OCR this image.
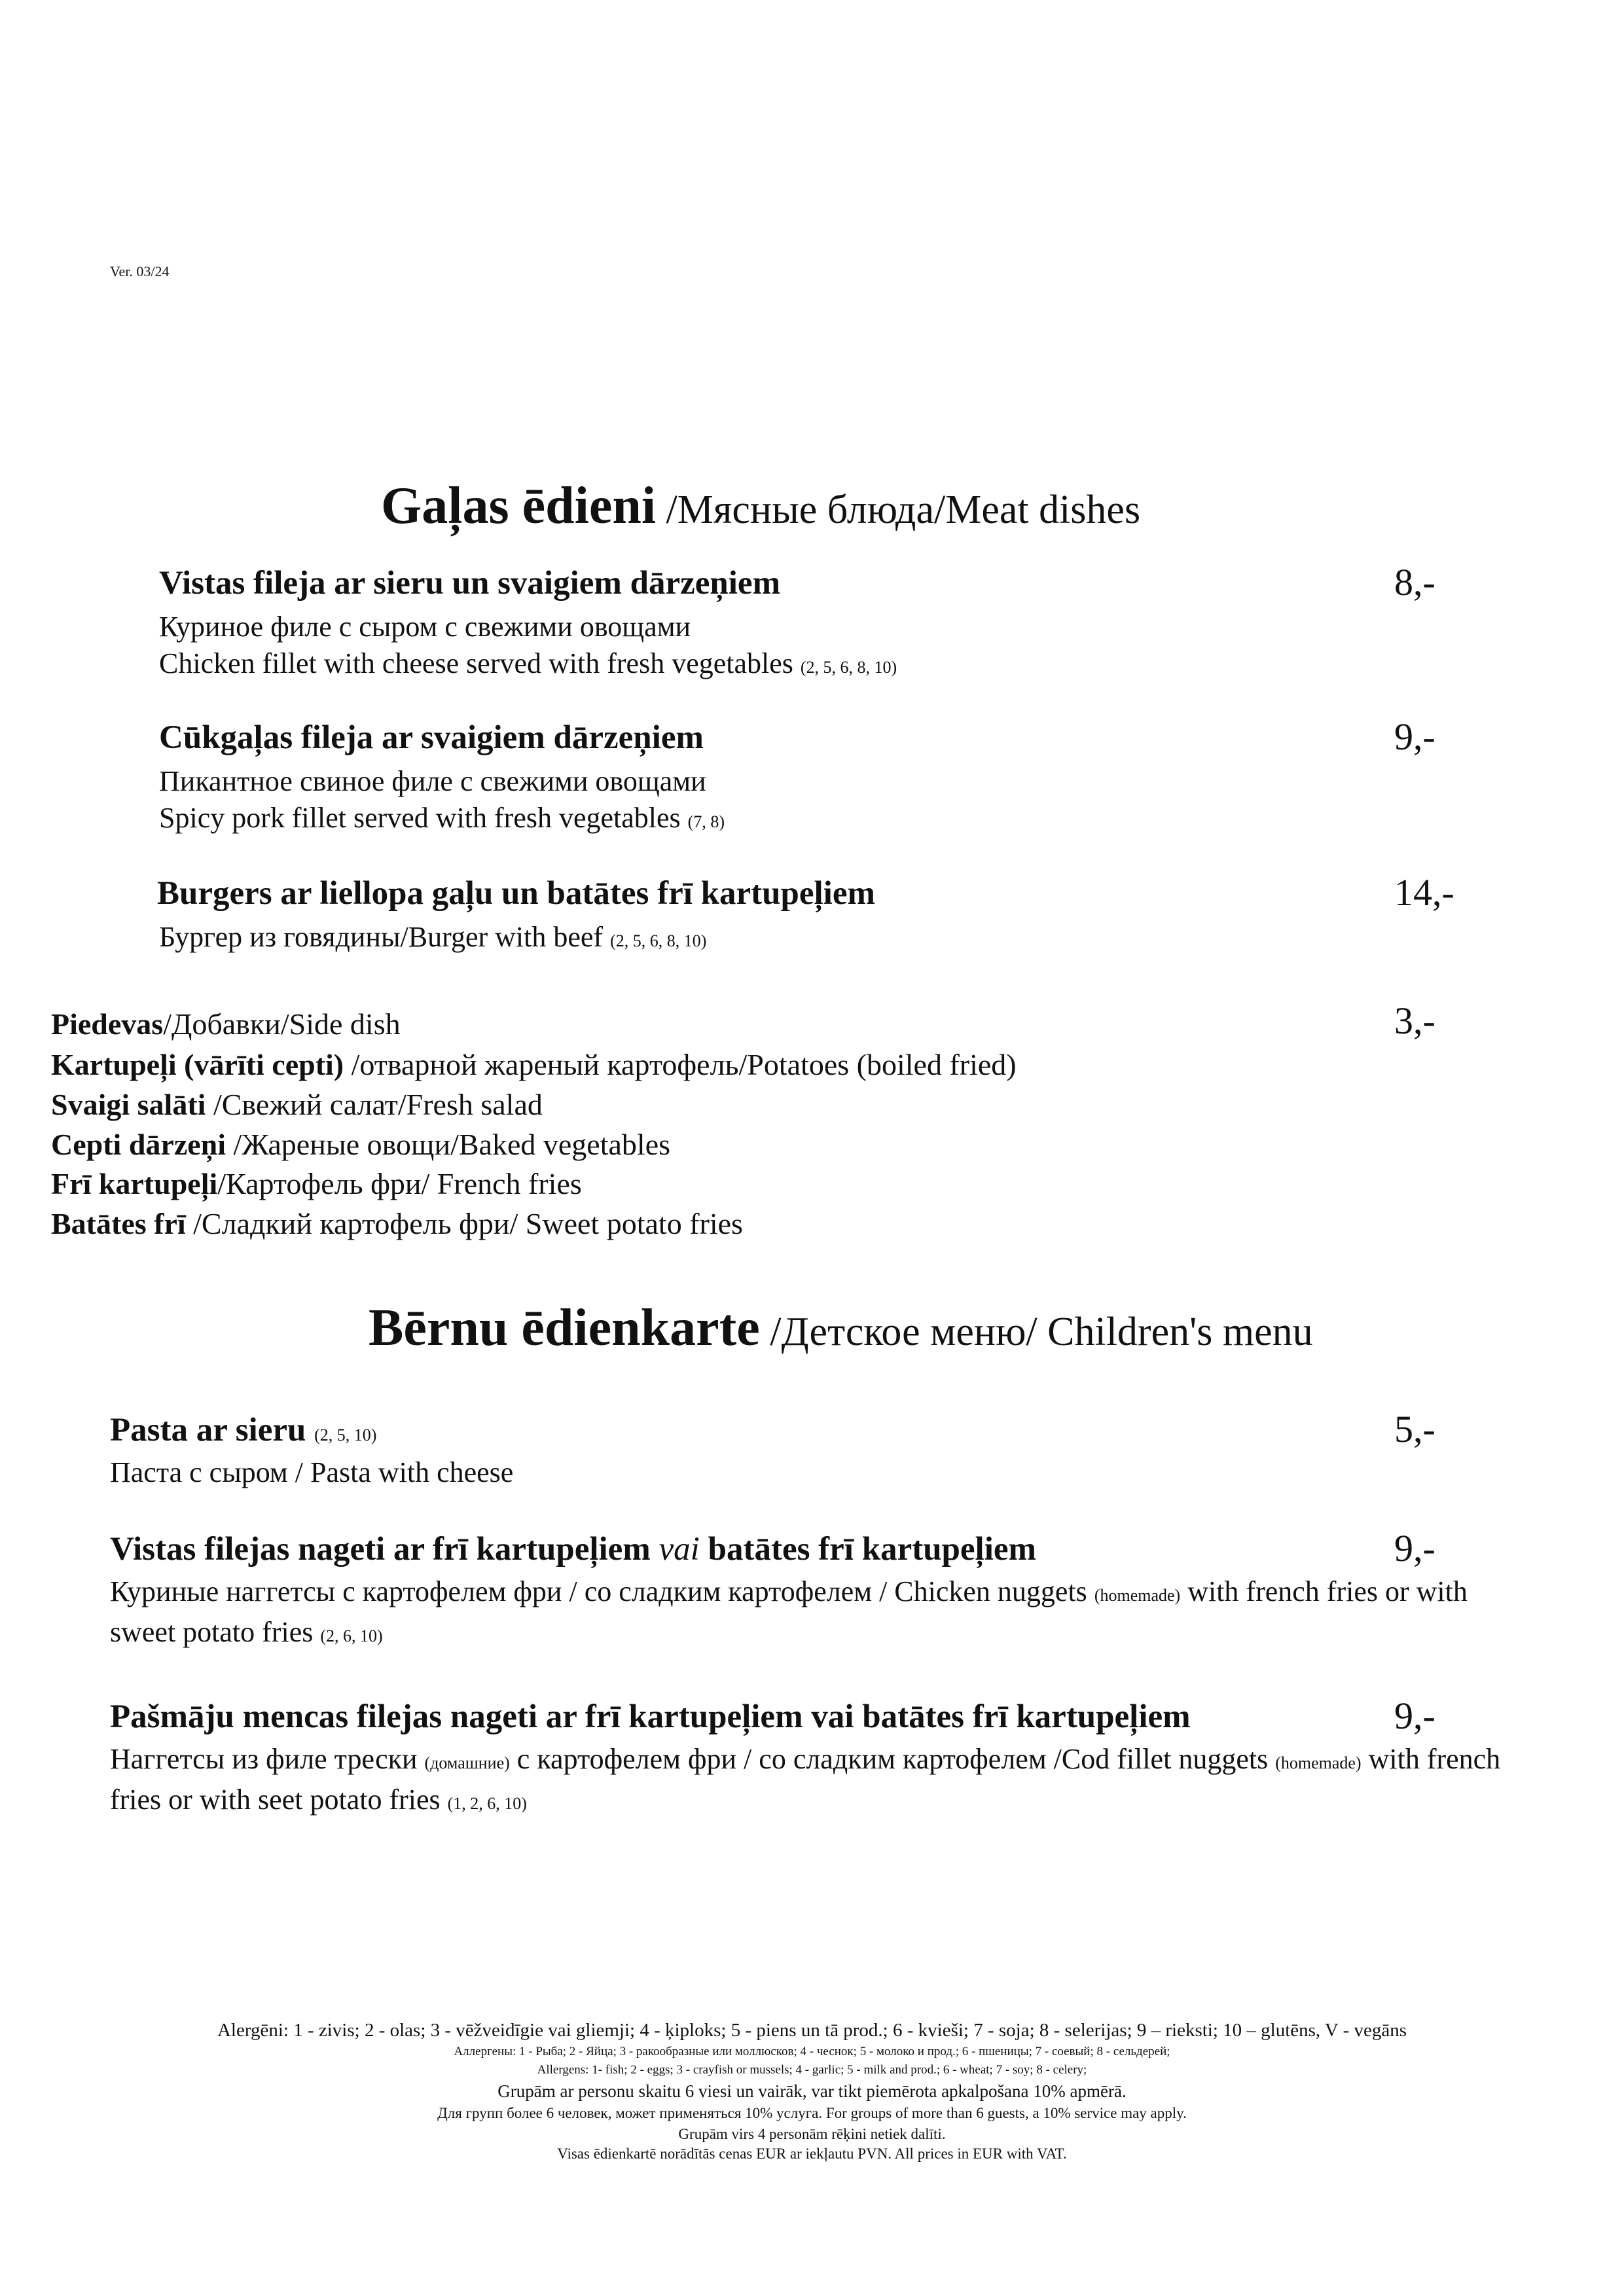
Ver. 03/24
Gaļas ēdieni /Мясные блюда/Meat dishes
Vistas fileja ar sieru un svaigiem dārzeņiem	8,-
Куриное филе с сыром с свежими овощами
Chicken fillet with cheese served with fresh vegetables (2, 5, 6, 8, 10)
Cūkgaļas fileja ar svaigiem dārzeņiem	9,-
Пикантное свиное филе с свежими овощами
Spicy pork fillet served with fresh vegetables (7, 8)
Burgers ar liellopa gaļu un batātes frī kartupeļiem	14,-
Бургер из говядины/Burger with beef (2, 5, 6, 8, 10)
Piedevas/Добавки/Side dish	3,-
Kartupeļi (vārīti cepti) /отварной жареный картофель/Potatoes (boiled fried)
Svaigi salāti /Свежий салат/Fresh salad
Cepti dārzeņi /Жареные овощи/Baked vegetables
Frī kartupeļi/Картофель фри/ French fries
Batātes frī /Сладкий картофель фри/ Sweet potato fries
Bērnu ēdienkarte /Детское меню/ Children's menu
Pasta ar sieru (2, 5, 10)	5,-
Паста с сыром / Pasta with cheese
Vistas filejas nageti ar frī kartupeļiem vai batātes frī kartupeļiem	9,-
Куриные наггетсы с картофелем фри / со сладким картофелем / Chicken nuggets (homemade) with french fries or with sweet potato fries (2, 6, 10)
Pašmāju mencas filejas nageti ar frī kartupeļiem vai batātes frī kartupeļiem	9,-
Наггетсы из филе трески (домашние) с картофелем фри / со сладким картофелем /Cod fillet nuggets (homemade) with french fries or with seet potato fries (1, 2, 6, 10)
Alergēni: 1 - zivis; 2 - olas; 3 - vēžveidīgie vai gliemji; 4 - ķiploks; 5 - piens un tā prod.; 6 - kvieši; 7 - soja; 8 - selerijas; 9 – rieksti; 10 – glutēns, V - vegāns
Аллергены: 1 - Рыба; 2 - Яйца; 3 - ракообразные или моллюсков; 4 - чеснок; 5 - молоко и прод.; 6 - пшеницы; 7 - соевый; 8 - сельдерей;
Allergens: 1- fish; 2 - eggs; 3 - crayfish or mussels; 4 - garlic; 5 - milk and prod.; 6 - wheat; 7 - soy; 8 - celery;
Grupām ar personu skaitu 6 viesi un vairāk, var tikt piemērota apkalpošana 10% apmērā.
Для групп более 6 человек, может применяться 10% услуга. For groups of more than 6 guests, a 10% service may apply.
Grupām virs 4 personām rēķini netiek dalīti.
Visas ēdienkartē norādītās cenas EUR ar iekļautu PVN. All prices in EUR with VAT.
